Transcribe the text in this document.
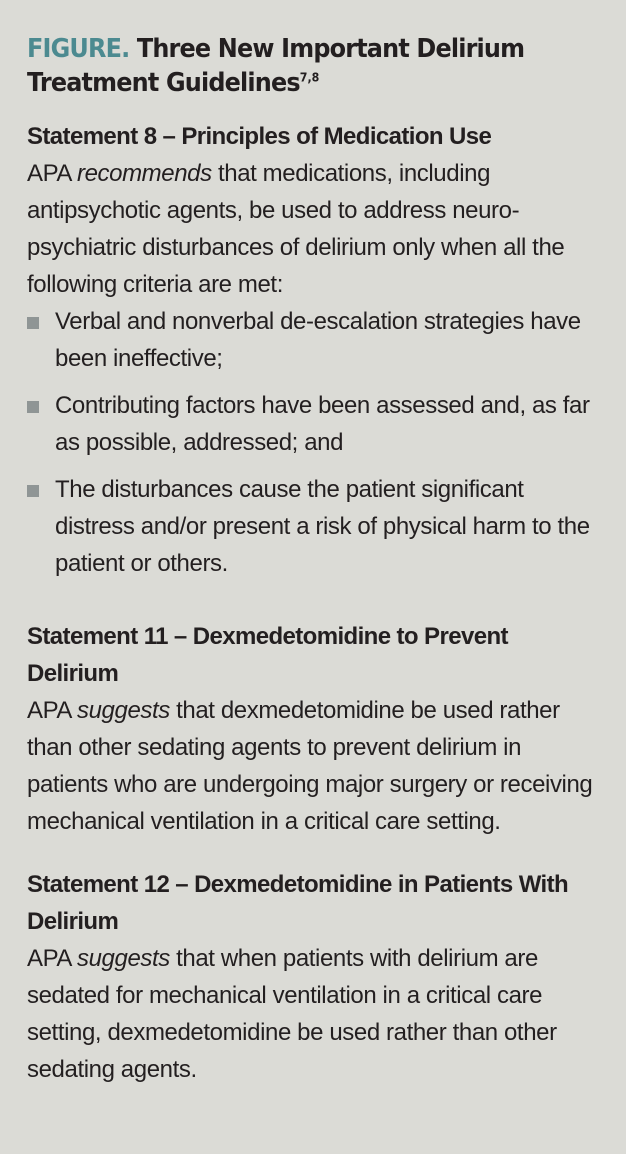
FIGURE. Three New Important Delirium
Treatment Guidelines$^{7,8}$
Statement 8 – Principles of Medication Use

APA recommends that medications, including antipsychotic agents, be used to address neuro-psychiatric disturbances of delirium only when all the following criteria are met:

Verbal and nonverbal de-escalation strategies have been ineffective;
Contributing factors have been assessed and, as far as possible, addressed; and
The disturbances cause the patient significant distress and/or present a risk of physical harm to the patient or others.
Statement 11 – Dexmedetomidine to Prevent Delirium

APA suggests that dexmedetomidine be used rather than other sedating agents to prevent delirium in patients who are undergoing major surgery or receiving mechanical ventilation in a critical care setting.

Statement 12 – Dexmedetomidine in Patients With Delirium

APA suggests that when patients with delirium are sedated for mechanical ventilation in a critical care setting, dexmedetomidine be used rather than other sedating agents.
